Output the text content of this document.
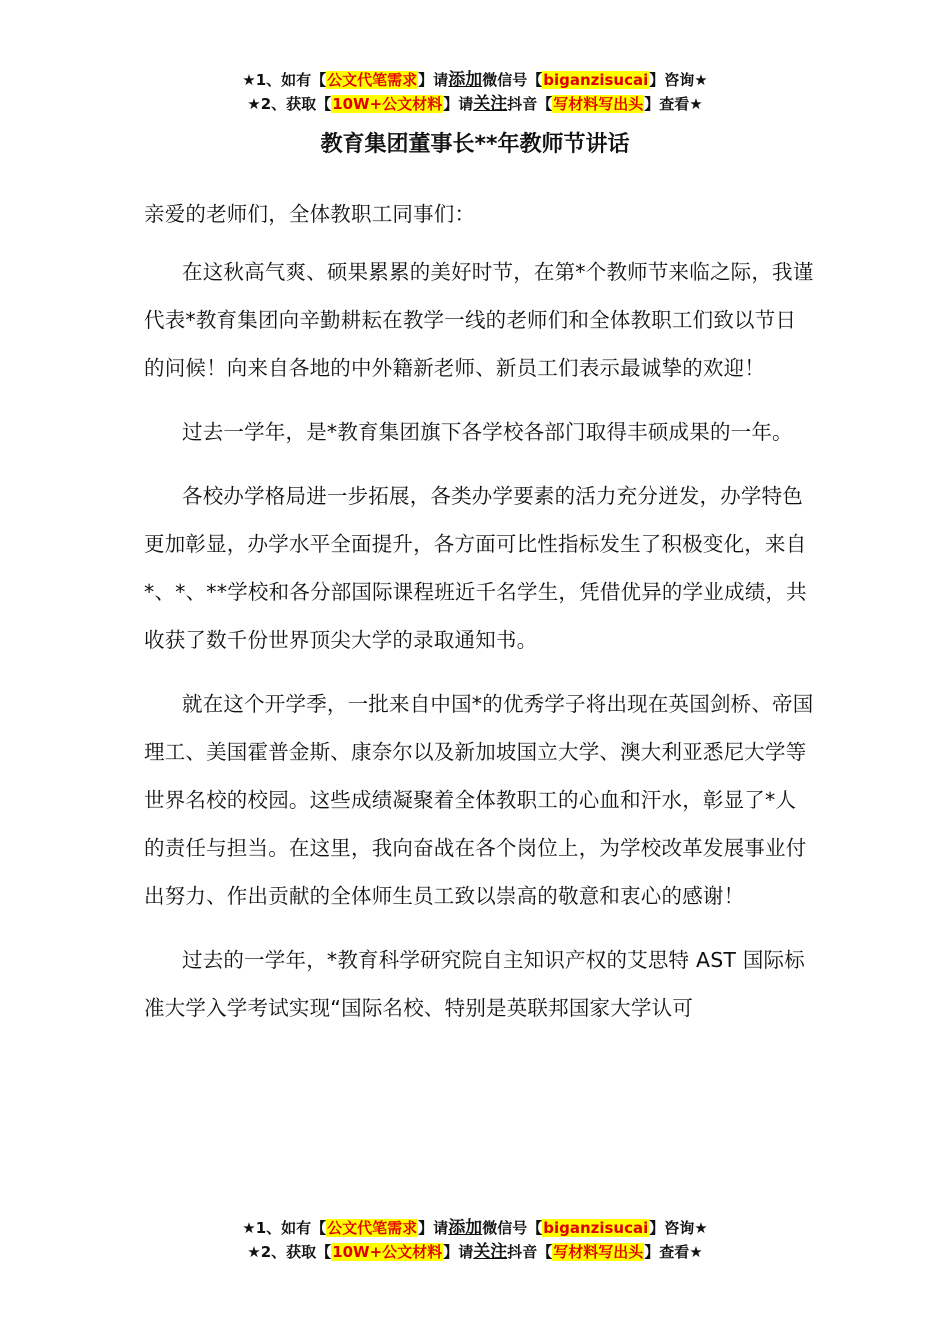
★1、如有【公文代笔需求】请添加微信号【biganzisucai】咨询★
★2、获取【10W+公文材料】请关注抖音【写材料写出头】查看★
教育集团董事长**年教师节讲话

亲爱的老师们，全体教职工同事们：

在这秋高气爽、硕果累累的美好时节，在第*个教师节来临之际，我谨代表*教育集团向辛勤耕耘在教学一线的老师们和全体教职工们致以节日的问候！向来自各地的中外籍新老师、新员工们表示最诚挚的欢迎！

过去一学年，是*教育集团旗下各学校各部门取得丰硕成果的一年。

各校办学格局进一步拓展，各类办学要素的活力充分迸发，办学特色更加彰显，办学水平全面提升，各方面可比性指标发生了积极变化，来自*、*、**学校和各分部国际课程班近千名学生，凭借优异的学业成绩，共收获了数千份世界顶尖大学的录取通知书。

就在这个开学季，一批来自中国*的优秀学子将出现在英国剑桥、帝国理工、美国霍普金斯、康奈尔以及新加坡国立大学、澳大利亚悉尼大学等世界名校的校园。这些成绩凝聚着全体教职工的心血和汗水，彰显了*人的责任与担当。在这里，我向奋战在各个岗位上，为学校改革发展事业付出努力、作出贡献的全体师生员工致以崇高的敬意和衷心的感谢！

过去的一学年，*教育科学研究院自主知识产权的艾思特 AST 国际标准大学入学考试实现“国际名校、特别是英联邦国家大学认可

★1、如有【公文代笔需求】请添加微信号【biganzisucai】咨询★
★2、获取【10W+公文材料】请关注抖音【写材料写出头】查看★
